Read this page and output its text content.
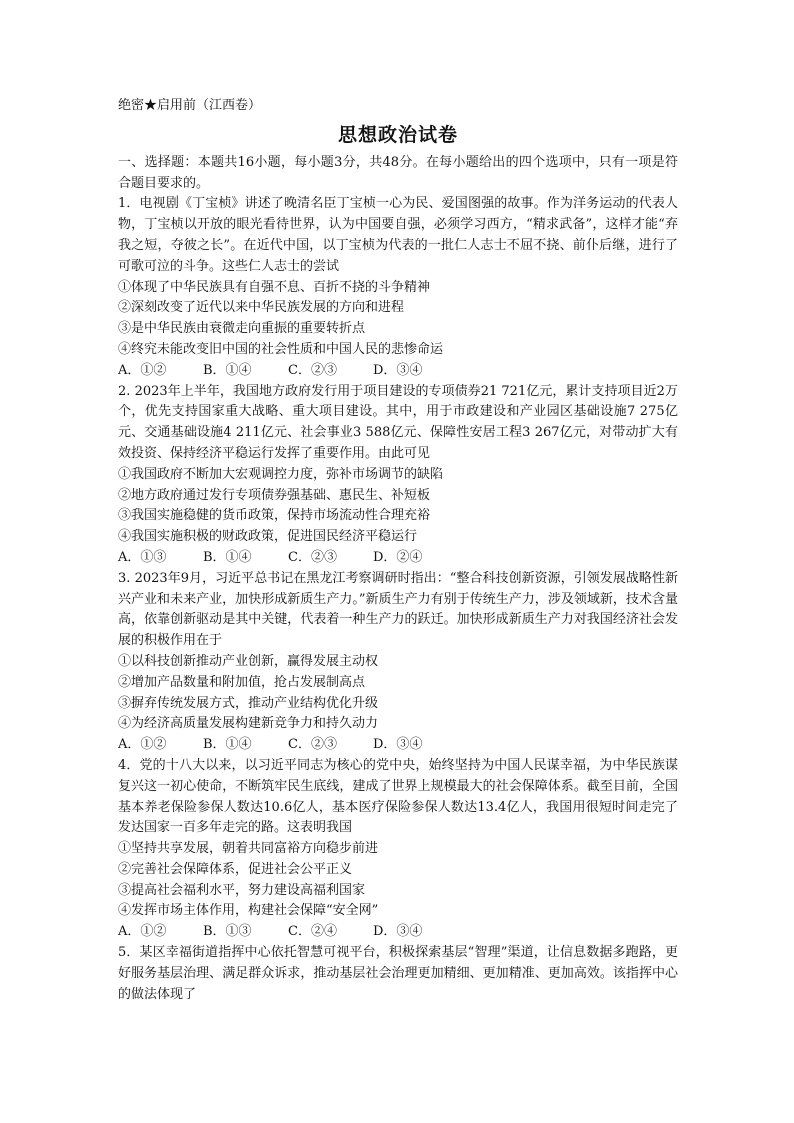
绝密★启用前（江西卷）

思想政治试卷

一、选择题：本题共16小题，每小题3分，共48分。在每小题给出的四个选项中，只有一项是符合题目要求的。

1．电视剧《丁宝桢》讲述了晚清名臣丁宝桢一心为民、爱国图强的故事。作为洋务运动的代表人物，丁宝桢以开放的眼光看待世界，认为中国要自强，必须学习西方，“精求武备”，这样才能“弃我之短，夺彼之长”。在近代中国，以丁宝桢为代表的一批仁人志士不屈不挠、前仆后继，进行了可歌可泣的斗争。这些仁人志士的尝试

①体现了中华民族具有自强不息、百折不挠的斗争精神

②深刻改变了近代以来中华民族发展的方向和进程

③是中华民族由衰微走向重振的重要转折点

④终究未能改变旧中国的社会性质和中国人民的悲惨命运

A．①②	B．①④	C．②③	D．③④

2. 2023年上半年，我国地方政府发行用于项目建设的专项债券21 721亿元，累计支持项目近2万个，优先支持国家重大战略、重大项目建设。其中，用于市政建设和产业园区基础设施7 275亿元、交通基础设施4 211亿元、社会事业3 588亿元、保障性安居工程3 267亿元，对带动扩大有效投资、保持经济平稳运行发挥了重要作用。由此可见

①我国政府不断加大宏观调控力度，弥补市场调节的缺陷

②地方政府通过发行专项债券强基础、惠民生、补短板

③我国实施稳健的货币政策，保持市场流动性合理充裕

④我国实施积极的财政政策，促进国民经济平稳运行

A．①③	B．①④	C．②③	D．②④

3. 2023年9月，习近平总书记在黑龙江考察调研时指出：“整合科技创新资源，引领发展战略性新兴产业和未来产业，加快形成新质生产力。”新质生产力有别于传统生产力，涉及领域新，技术含量高，依靠创新驱动是其中关键，代表着一种生产力的跃迁。加快形成新质生产力对我国经济社会发展的积极作用在于

①以科技创新推动产业创新，赢得发展主动权

②增加产品数量和附加值，抢占发展制高点

③摒弃传统发展方式，推动产业结构优化升级

④为经济高质量发展构建新竞争力和持久动力

A．①②	B．①④	C．②③	D．③④

4．党的十八大以来，以习近平同志为核心的党中央，始终坚持为中国人民谋幸福，为中华民族谋复兴这一初心使命，不断筑牢民生底线，建成了世界上规模最大的社会保障体系。截至目前，全国基本养老保险参保人数达10.6亿人，基本医疗保险参保人数达13.4亿人，我国用很短时间走完了发达国家一百多年走完的路。这表明我国

①坚持共享发展，朝着共同富裕方向稳步前进

②完善社会保障体系，促进社会公平正义

③提高社会福利水平，努力建设高福利国家

④发挥市场主体作用，构建社会保障“安全网”

A．①②	B．①③	C．②④	D．③④

5．某区幸福街道指挥中心依托智慧可视平台，积极探索基层“智理”渠道，让信息数据多跑路，更好服务基层治理、满足群众诉求，推动基层社会治理更加精细、更加精准、更加高效。该指挥中心的做法体现了
